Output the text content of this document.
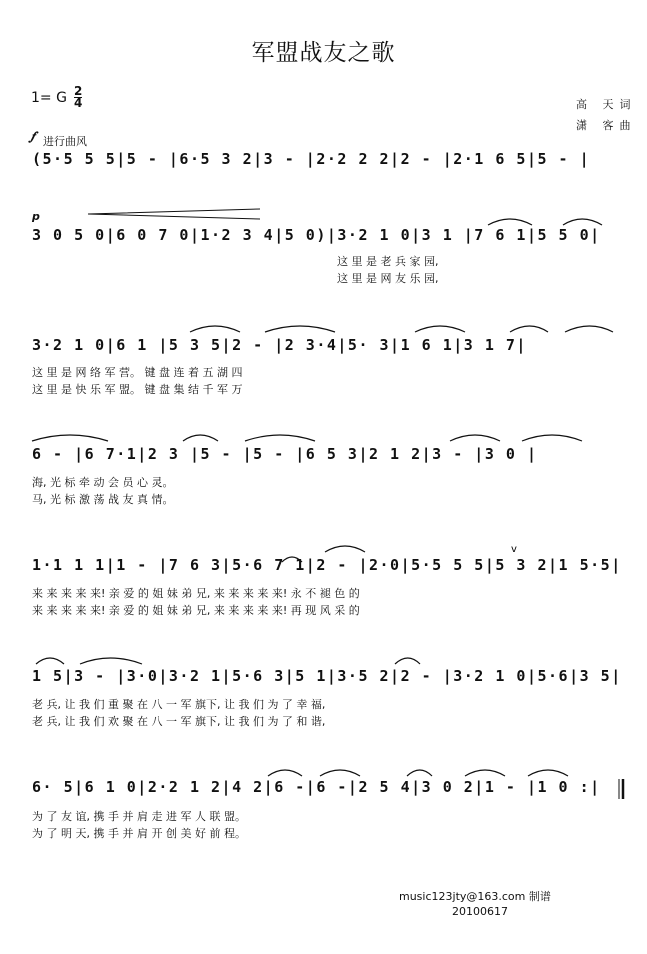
军盟战友之歌
1= G 2
4	高 天词
潇 客曲
𝆑 进行曲风
(5·5 5 5|5 - |6·5 3 2|3 - |2·2 2 2|2 - |2·1 6 5|5 - |
p
3 0 5 0|6 0 7 0|1·2 3 4|5 0)|3·2 1 0|3 1 |7 6 1|5 5 0|
这 里 是 老 兵 家 园,
这 里 是 网 友 乐 园,
3·2 1 0|6 1 |5 3 5|2 - |2 3·4|5· 3|1 6 1|3 1 7|
这 里 是 网 络 军 营。 键 盘 连 着 五 湖 四
这 里 是 快 乐 军 盟。 键 盘 集 结 千 军 万
6 - |6 7·1|2 3 |5 - |5 - |6 5 3|2 1 2|3 - |3 0 |
海, 光 标 牵 动 会 员 心 灵。
马, 光 标 激 荡 战 友 真 情。
1·1 1 1|1 - |7 6 3|5·6 7 1|2 - |2·0|5·5 5 5|5 3 2|1 5·5|
来 来 来 来 来! 亲 爱 的 姐 妹 弟 兄, 来 来 来 来 来! 永 不 褪 色 的
来 来 来 来 来! 亲 爱 的 姐 妹 弟 兄, 来 来 来 来 来! 再 现 风 采 的
1 5|3 - |3·0|3·2 1|5·6 3|5 1|3·5 2|2 - |3·2 1 0|5·6|3 5|
老 兵, 让 我 们 重 聚 在 八 一 军 旗下, 让 我 们 为 了 幸 福,
老 兵, 让 我 们 欢 聚 在 八 一 军 旗下, 让 我 们 为 了 和 谐,
6· 5|6 1 0|2·2 1 2|4 2|6 -|6 -|2 5 4|3 0 2|1 - |1 0 :|
为 了 友 谊, 携 手 并 肩 走 进 军 人 联 盟。
为 了 明 天, 携 手 并 肩 开 创 美 好 前 程。
v
music123jty@163.com 制谱
20100617
